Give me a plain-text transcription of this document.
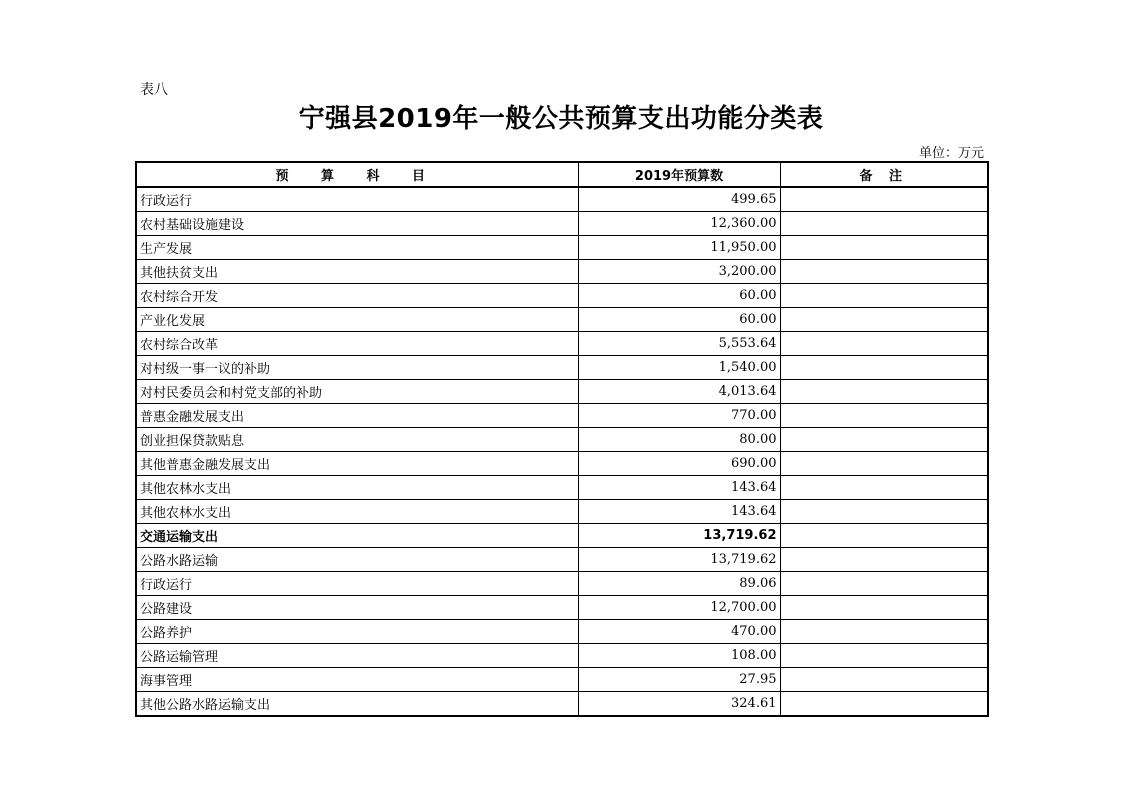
表八
宁强县2019年一般公共预算支出功能分类表
单位：万元
预 算 科 目	2019年预算数	备 注
行政运行	499.65	
农村基础设施建设	12,360.00	
生产发展	11,950.00	
其他扶贫支出	3,200.00	
农村综合开发	60.00	
产业化发展	60.00	
农村综合改革	5,553.64	
对村级一事一议的补助	1,540.00	
对村民委员会和村党支部的补助	4,013.64	
普惠金融发展支出	770.00	
创业担保贷款贴息	80.00	
其他普惠金融发展支出	690.00	
其他农林水支出	143.64	
其他农林水支出	143.64	
交通运输支出	13,719.62	
公路水路运输	13,719.62	
行政运行	89.06	
公路建设	12,700.00	
公路养护	470.00	
公路运输管理	108.00	
海事管理	27.95	
其他公路水路运输支出	324.61	
